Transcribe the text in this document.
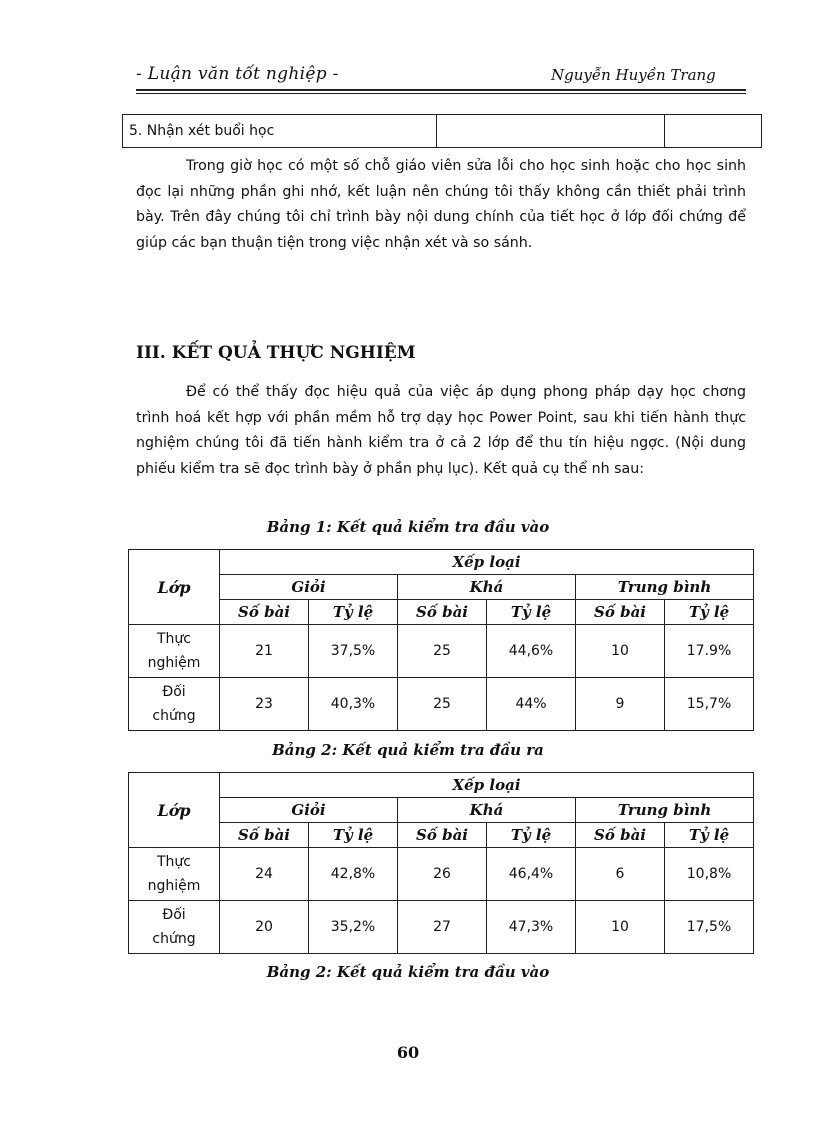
- Luận văn tốt nghiệp -	Nguyễn Huyền Trang
5. Nhận xét buổi học		

Trong giờ học có một số chỗ giáo viên sửa lỗi cho học sinh hoặc cho học sinh đọc lại những phần ghi nhớ, kết luận nên chúng tôi thấy không cần thiết phải trình bày. Trên đây chúng tôi chỉ trình bày nội dung chính của tiết học ở lớp đối chứng để giúp các bạn thuận tiện trong việc nhận xét và so sánh.

III. KẾT QUẢ THỰC NGHIỆM

Để có thể thấy đọc hiệu quả của việc áp dụng phong pháp dạy học chơng trình hoá kết hợp với phần mềm hỗ trợ dạy học Power Point, sau khi tiến hành thực nghiệm chúng tôi đã tiến hành kiểm tra ở cả 2 lớp để thu tín hiệu ngợc. (Nội dung phiếu kiểm tra sẽ đọc trình bày ở phần phụ lục). Kết quả cụ thể nh sau:

Bảng 1: Kết quả kiểm tra đầu vào
Lớp	Xếp loại					
	Giỏi		Khá		Trung bình	
	Số bài	Tỷ lệ	Số bài	Tỷ lệ	Số bài	Tỷ lệ
Thực
nghiệm	21	37,5%	25	44,6%	10	17.9%
Đối
chứng	23	40,3%	25	44%	9	15,7%
Bảng 2: Kết quả kiểm tra đầu ra
Lớp	Xếp loại					
	Giỏi		Khá		Trung bình	
	Số bài	Tỷ lệ	Số bài	Tỷ lệ	Số bài	Tỷ lệ
Thực
nghiệm	24	42,8%	26	46,4%	6	10,8%
Đối
chứng	20	35,2%	27	47,3%	10	17,5%
Bảng 2: Kết quả kiểm tra đầu vào
60
